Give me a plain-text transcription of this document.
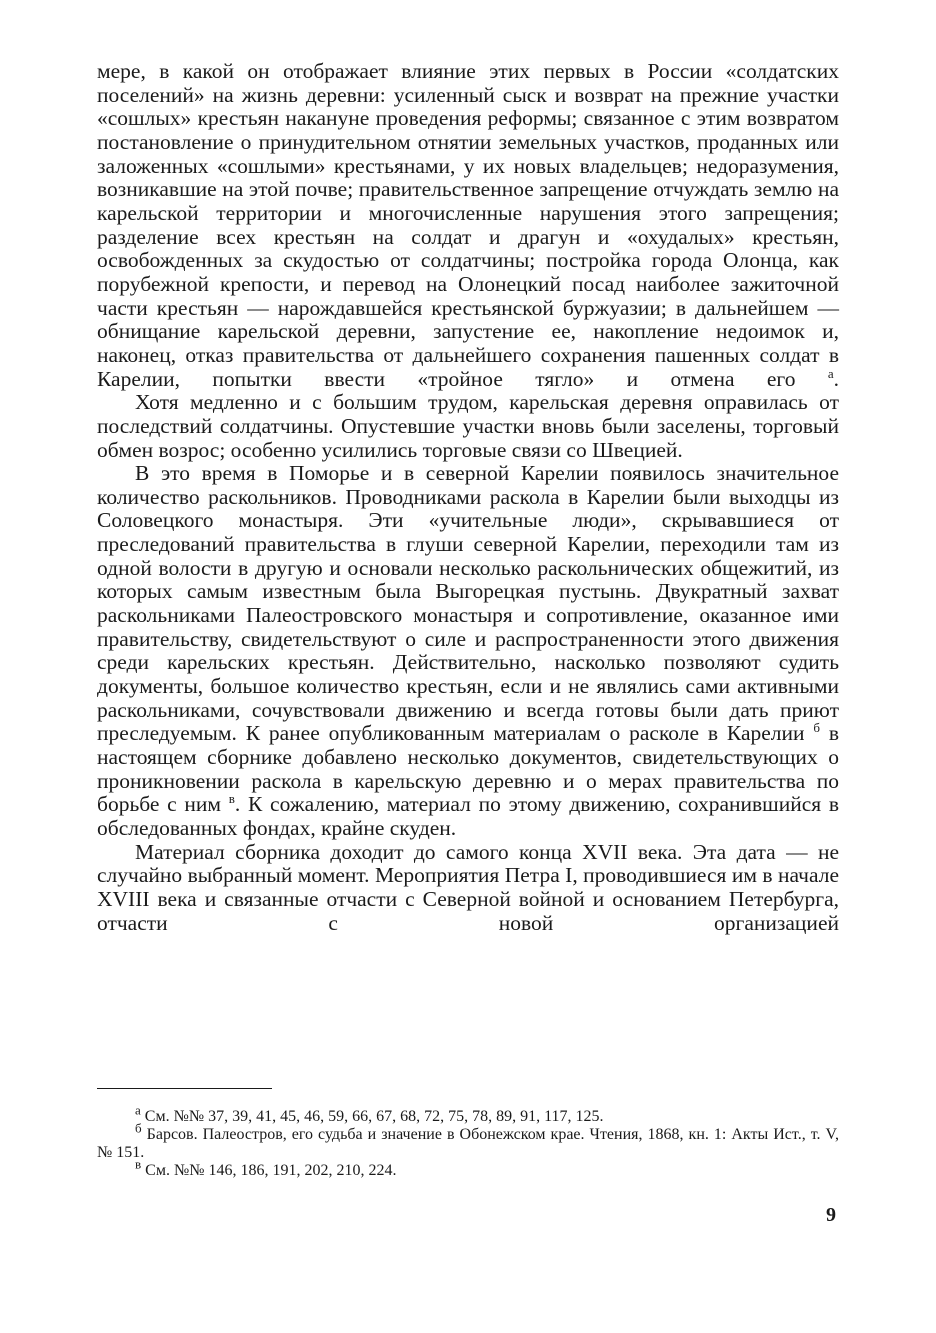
мере, в какой он отображает влияние этих первых в России «солдатских поселений» на жизнь деревни: усиленный сыск и возврат на прежние участки «сошлых» крестьян накануне проведения реформы; связанное с этим возвратом постановление о принудительном отнятии земельных участков, проданных или заложенных «сошлыми» крестьянами, у их новых владельцев; недоразумения, возникавшие на этой почве; правительственное запрещение отчуждать землю на карельской территории и многочисленные нарушения этого запрещения; разделение всех крестьян на солдат и драгун и «охудалых» крестьян, освобожденных за скудостью от солдатчины; постройка города Олонца, как порубежной крепости, и перевод на Олонецкий посад наиболее зажиточной части крестьян — нарождавшейся крестьянской буржуазии; в дальнейшем — обнищание карельской деревни, запустение ее, накопление недоимок и, наконец, отказ правительства от дальнейшего сохранения пашенных солдат в Карелии, попытки ввести «тройное тягло» и отмена его $^а$.

Хотя медленно и с большим трудом, карельская деревня оправилась от последствий солдатчины. Опустевшие участки вновь были заселены, торговый обмен возрос; особенно усилились торговые связи со Швецией.

В это время в Поморье и в северной Карелии появилось значительное количество раскольников. Проводниками раскола в Карелии были выходцы из Соловецкого монастыря. Эти «учительные люди», скрывавшиеся от преследований правительства в глуши северной Карелии, переходили там из одной волости в другую и основали несколько раскольнических общежитий, из которых самым известным была Выгорецкая пустынь. Двукратный захват раскольниками Палеостровского монастыря и сопротивление, оказанное ими правительству, свидетельствуют о силе и распространенности этого движения среди карельских крестьян. Действительно, насколько позволяют судить документы, большое количество крестьян, если и не являлись сами активными раскольниками, сочувствовали движению и всегда готовы были дать приют преследуемым. К ранее опубликованным материалам о расколе в Карелии $^б$ в настоящем сборнике добавлено несколько документов, свидетельствующих о проникновении раскола в карельскую деревню и о мерах правительства по борьбе с ним $^в$. К сожалению, материал по этому движению, сохранившийся в обследованных фондах, крайне скуден.

Материал сборника доходит до самого конца XVII века. Эта дата — не случайно выбранный момент. Мероприятия Петра I, проводившиеся им в начале XVIII века и связанные отчасти с Северной войной и основанием Петербурга, отчасти с новой организацией

$^а$ См. №№ 37, 39, 41, 45, 46, 59, 66, 67, 68, 72, 75, 78, 89, 91, 117, 125.

$^б$ Барсов. Палеостров, его судьба и значение в Обонежском крае. Чтения, 1868, кн. 1: Акты Ист., т. V, № 151.

$^в$ См. №№ 146, 186, 191, 202, 210, 224.

9
